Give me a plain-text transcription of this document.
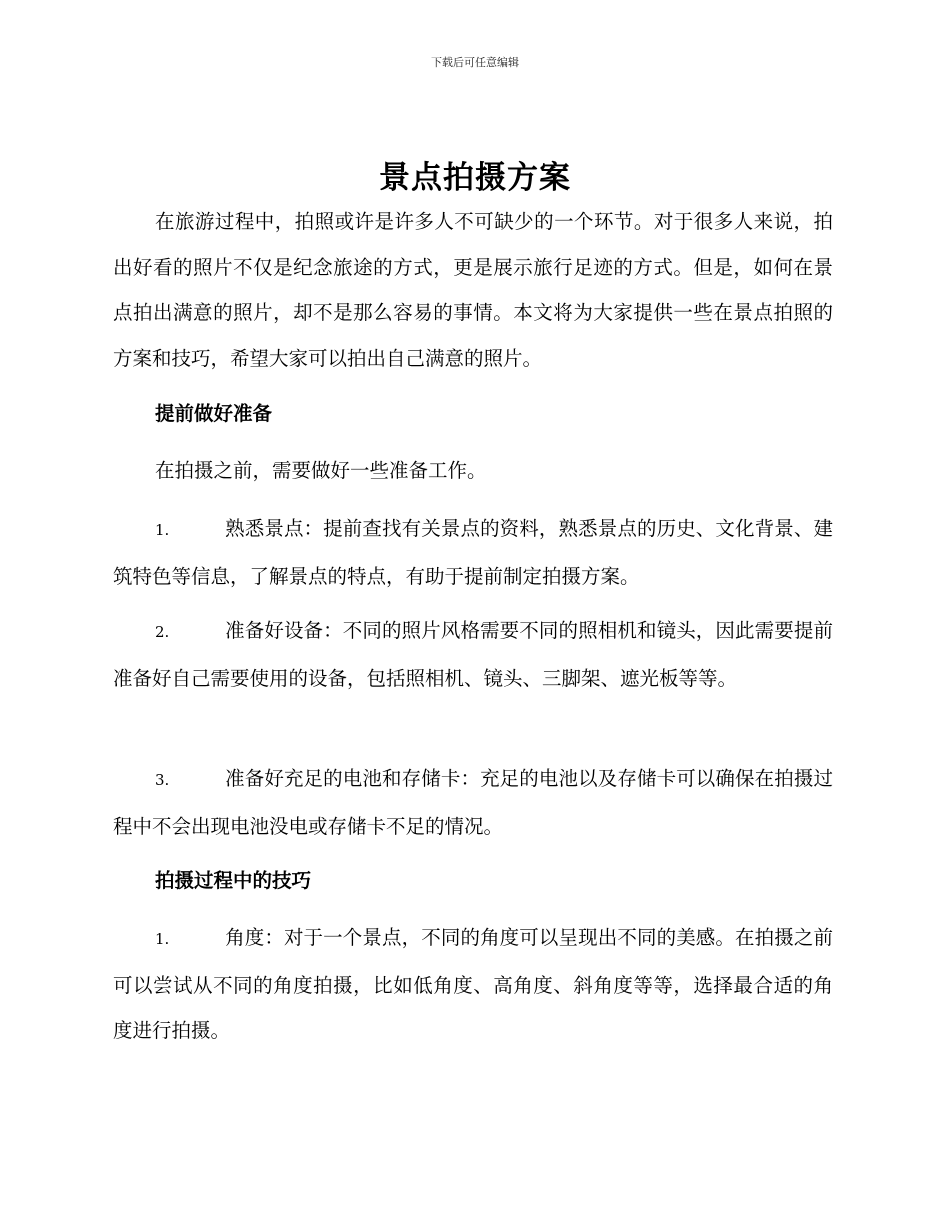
下载后可任意编辑
景点拍摄方案

在旅游过程中，拍照或许是许多人不可缺少的一个环节。对于很多人来说，拍出好看的照片不仅是纪念旅途的方式，更是展示旅行足迹的方式。但是，如何在景点拍出满意的照片，却不是那么容易的事情。本文将为大家提供一些在景点拍照的方案和技巧，希望大家可以拍出自己满意的照片。

提前做好准备
在拍摄之前，需要做好一些准备工作。
1.	熟悉景点：提前查找有关景点的资料，熟悉景点的历史、文化背景、建筑特色等信息，了解景点的特点，有助于提前制定拍摄方案。
2.	准备好设备：不同的照片风格需要不同的照相机和镜头，因此需要提前准备好自己需要使用的设备，包括照相机、镜头、三脚架、遮光板等等。
3.	准备好充足的电池和存储卡：充足的电池以及存储卡可以确保在拍摄过程中不会出现电池没电或存储卡不足的情况。
拍摄过程中的技巧
1.	角度：对于一个景点，不同的角度可以呈现出不同的美感。在拍摄之前可以尝试从不同的角度拍摄，比如低角度、高角度、斜角度等等，选择最合适的角度进行拍摄。
